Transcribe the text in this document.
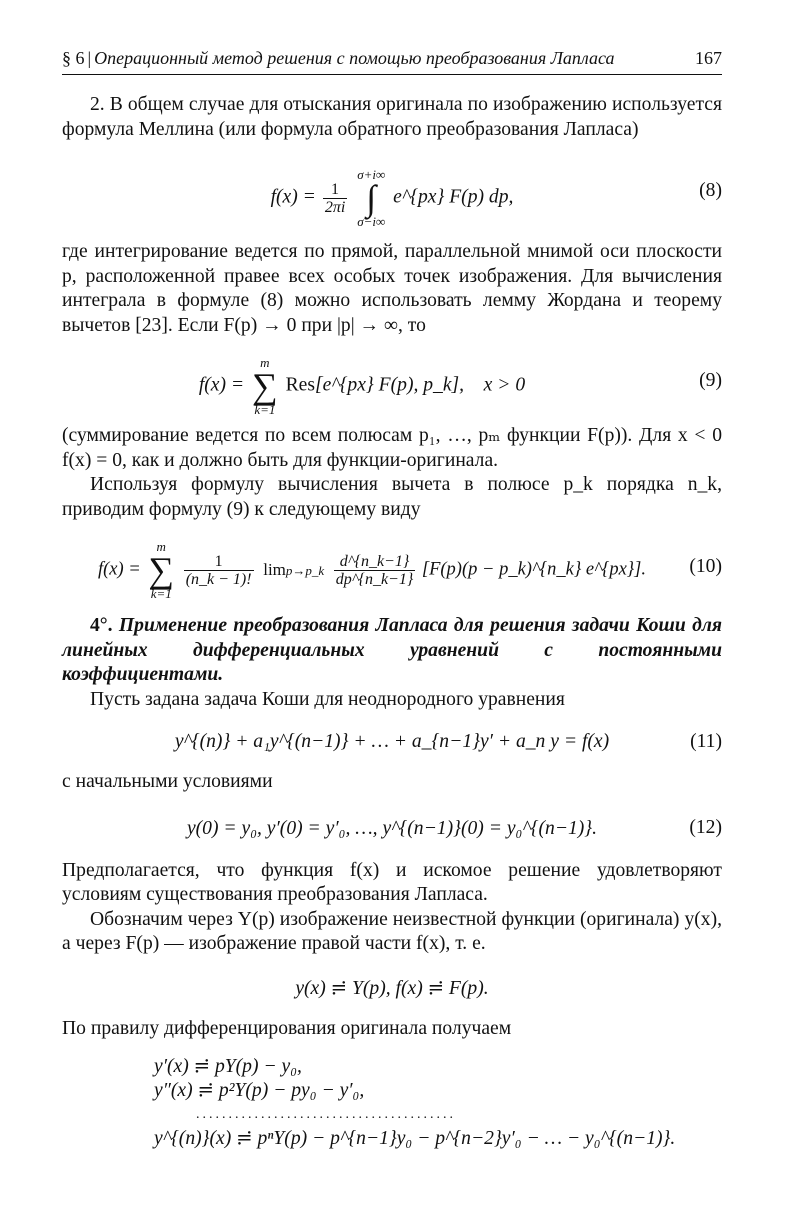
§ 6 | Операционный метод решения с помощью преобразования Лапласа	167

2. В общем случае для отыскания оригинала по изображению используется формула Меллина (или формула обратного преобразования Лапласа)

$f(x) = \frac{1}{2\pi i}$
σ+i∞
∫
σ−i∞ e^{px} F(p) dp,	(8)

где интегрирование ведется по прямой, параллельной мнимой оси плоскости p, расположенной правее всех особых точек изображения. Для вычисления интеграла в формуле (8) можно использовать лемму Жордана и теорему вычетов [23]. Если F(p) → 0 при |p| → ∞, то

f(x) = m
∑
k=1 Res[e^{px} F(p), p_k], x > 0	(9)

(суммирование ведется по всем полюсам p₁, …, pₘ функции F(p)). Для x < 0 f(x) = 0, как и должно быть для функции-оригинала.

Используя формулу вычисления вычета в полюсе p_k порядка n_k, приводим формулу (9) к следующему виду

f(x) = m
∑
k=1
$\frac{1}{(n\_k - 1)!}$ limp→p_k $\frac{d\^{}\{n\_k-1\}}{dp\^{}\{n\_k-1\}} [F(p)(p$ − p_k)^{n_k} e^{px}].	(10)

4°. Применение преобразования Лапласа для решения задачи Коши для линейных дифференциальных уравнений с постоянными коэффициентами.

Пусть задана задача Коши для неоднородного уравнения

y^{(n)} + a₁y^{(n−1)} + … + a_{n−1}y′ + a_n y = f(x)	(11)

с начальными условиями

y(0) = y₀, y′(0) = y′₀, …, y^{(n−1)}(0) = y₀^{(n−1)}.	(12)

Предполагается, что функция f(x) и искомое решение удовлетворяют условиям существования преобразования Лапласа.

Обозначим через Y(p) изображение неизвестной функции (оригинала) y(x), а через F(p) — изображение правой части f(x), т. е.

y(x) ≓ Y(p), f(x) ≓ F(p).

По правилу дифференцирования оригинала получаем

y′(x) ≓ pY(p) − y₀,
y″(x) ≓ p²Y(p) − py₀ − y′₀,
........................................
y^{(n)}(x) ≓ pⁿY(p) − p^{n−1}y₀ − p^{n−2}y′₀ − … − y₀^{(n−1)}.
